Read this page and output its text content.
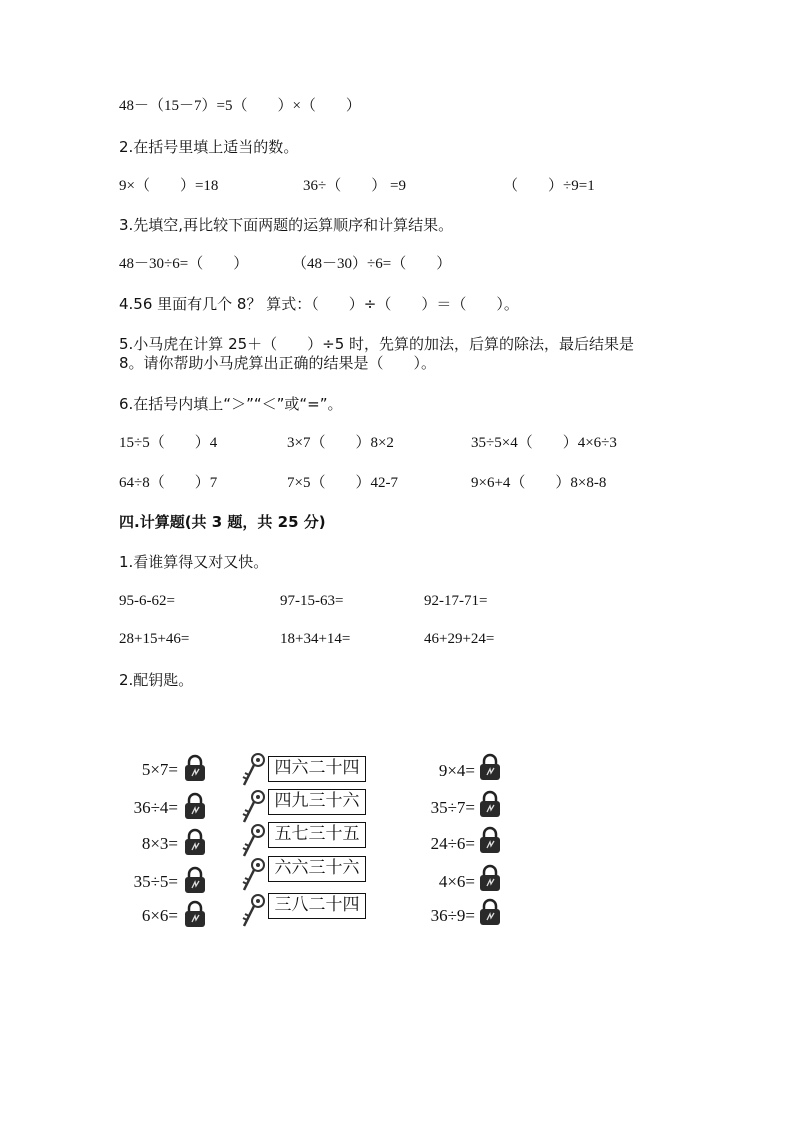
48－（15－7）=5（　　）×（　　）
2.在括号里填上适当的数。
9×（　　）=18	36÷（　　） =9	（　　）÷9=1
3.先填空,再比较下面两题的运算顺序和计算结果。
48－30÷6=（　　）	（48－30）÷6=（　　）
4.56 里面有几个 8？ 算式：（　　）÷（　　）＝（　　）。
5.小马虎在计算 25＋（　　）÷5 时，先算的加法，后算的除法，最后结果是
8。请你帮助小马虎算出正确的结果是（　　）。
6.在括号内填上“＞”“＜”或“=”。
15÷5（　　）4	3×7（　　）8×2	35÷5×4（　　）4×6÷3
64÷8（　　）7	7×5（　　）42-7	9×6+4（　　）8×8-8
四.计算题(共 3 题，共 25 分)
1.看谁算得又对又快。
95-6-62=	97-15-63=	92-17-71=
28+15+46=	18+34+14=	46+29+24=
2.配钥匙。
5×7=
36÷4=
8×3=
35÷5=
6×6=
四六二十四
四九三十六
五七三十五
六六三十六
三八二十四
9×4=
35÷7=
24÷6=
4×6=
36÷9=
